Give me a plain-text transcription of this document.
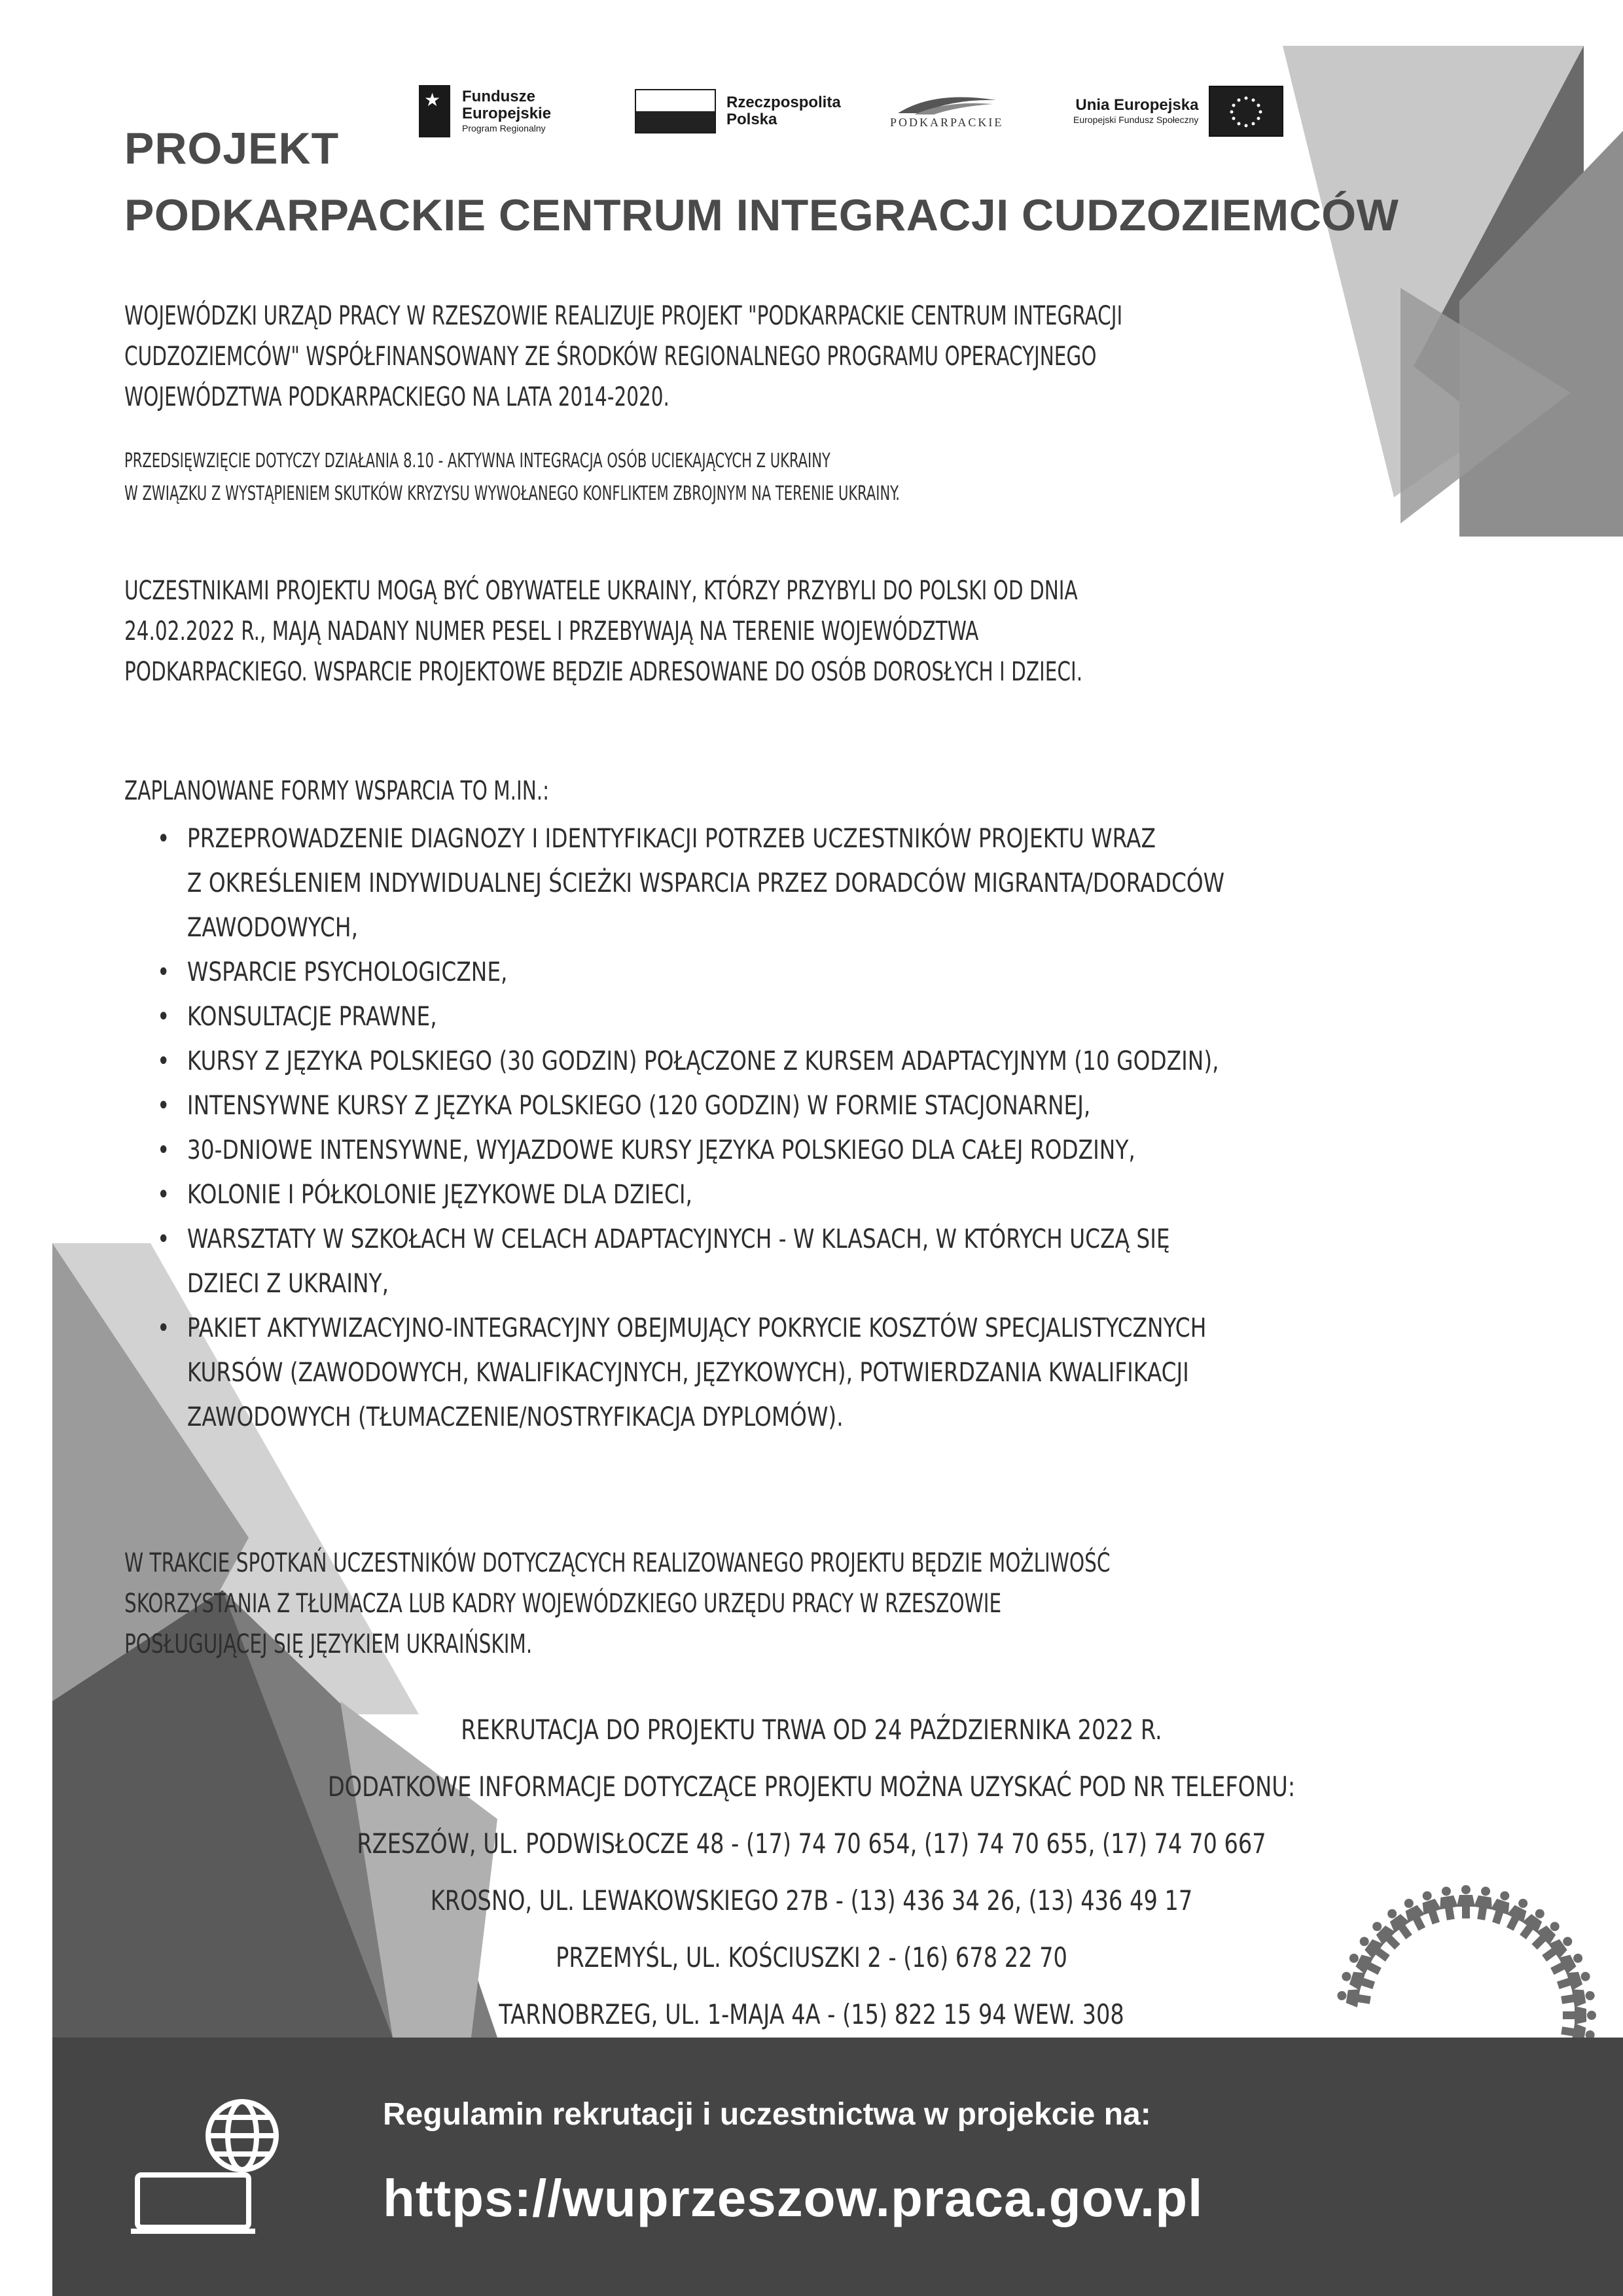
★
Fundusze
Europejskie
Program Regionalny
Rzeczpospolita
Polska	PODKARPACKIE
Unia Europejska
Europejski Fundusz Społeczny
PROJEKT
PODKARPACKIE CENTRUM INTEGRACJI CUDZOZIEMCÓW

WOJEWÓDZKI URZĄD PRACY W RZESZOWIE REALIZUJE PROJEKT "PODKARPACKIE CENTRUM INTEGRACJI

CUDZOZIEMCÓW" WSPÓŁFINANSOWANY ZE ŚRODKÓW REGIONALNEGO PROGRAMU OPERACYJNEGO

WOJEWÓDZTWA PODKARPACKIEGO NA LATA 2014-2020.

PRZEDSIĘWZIĘCIE DOTYCZY DZIAŁANIA 8.10 - AKTYWNA INTEGRACJA OSÓB UCIEKAJĄCYCH Z UKRAINY

W ZWIĄZKU Z WYSTĄPIENIEM SKUTKÓW KRYZYSU WYWOŁANEGO KONFLIKTEM ZBROJNYM NA TERENIE UKRAINY.

UCZESTNIKAMI PROJEKTU MOGĄ BYĆ OBYWATELE UKRAINY, KTÓRZY PRZYBYLI DO POLSKI OD DNIA

24.02.2022 R., MAJĄ NADANY NUMER PESEL I PRZEBYWAJĄ NA TERENIE WOJEWÓDZTWA

PODKARPACKIEGO. WSPARCIE PROJEKTOWE BĘDZIE ADRESOWANE DO OSÓB DOROSŁYCH I DZIECI.

ZAPLANOWANE FORMY WSPARCIA TO M.IN.:

• PRZEPROWADZENIE DIAGNOZY I IDENTYFIKACJI POTRZEB UCZESTNIKÓW PROJEKTU WRAZ
Z OKREŚLENIEM INDYWIDUALNEJ ŚCIEŻKI WSPARCIA PRZEZ DORADCÓW MIGRANTA/DORADCÓW
ZAWODOWYCH,
• WSPARCIE PSYCHOLOGICZNE,
• KONSULTACJE PRAWNE,
• KURSY Z JĘZYKA POLSKIEGO (30 GODZIN) POŁĄCZONE Z KURSEM ADAPTACYJNYM (10 GODZIN),
• INTENSYWNE KURSY Z JĘZYKA POLSKIEGO (120 GODZIN) W FORMIE STACJONARNEJ,
• 30-DNIOWE INTENSYWNE, WYJAZDOWE KURSY JĘZYKA POLSKIEGO DLA CAŁEJ RODZINY,
• KOLONIE I PÓŁKOLONIE JĘZYKOWE DLA DZIECI,
• WARSZTATY W SZKOŁACH W CELACH ADAPTACYJNYCH - W KLASACH, W KTÓRYCH UCZĄ SIĘ
DZIECI Z UKRAINY,
• PAKIET AKTYWIZACYJNO-INTEGRACYJNY OBEJMUJĄCY POKRYCIE KOSZTÓW SPECJALISTYCZNYCH
KURSÓW (ZAWODOWYCH, KWALIFIKACYJNYCH, JĘZYKOWYCH), POTWIERDZANIA KWALIFIKACJI
ZAWODOWYCH (TŁUMACZENIE/NOSTRYFIKACJA DYPLOMÓW).

W TRAKCIE SPOTKAŃ UCZESTNIKÓW DOTYCZĄCYCH REALIZOWANEGO PROJEKTU BĘDZIE MOŻLIWOŚĆ

SKORZYSTANIA Z TŁUMACZA LUB KADRY WOJEWÓDZKIEGO URZĘDU PRACY W RZESZOWIE

POSŁUGUJĄCEJ SIĘ JĘZYKIEM UKRAIŃSKIM.

REKRUTACJA DO PROJEKTU TRWA OD 24 PAŹDZIERNIKA 2022 R.

DODATKOWE INFORMACJE DOTYCZĄCE PROJEKTU MOŻNA UZYSKAĆ POD NR TELEFONU:

RZESZÓW, UL. PODWISŁOCZE 48 - (17) 74 70 654, (17) 74 70 655, (17) 74 70 667

KROSNO, UL. LEWAKOWSKIEGO 27B - (13) 436 34 26, (13) 436 49 17

PRZEMYŚL, UL. KOŚCIUSZKI 2 - (16) 678 22 70

TARNOBRZEG, UL. 1-MAJA 4A - (15) 822 15 94 WEW. 308

Regulamin rekrutacji i uczestnictwa w projekcie na:

https://wuprzeszow.praca.gov.pl
